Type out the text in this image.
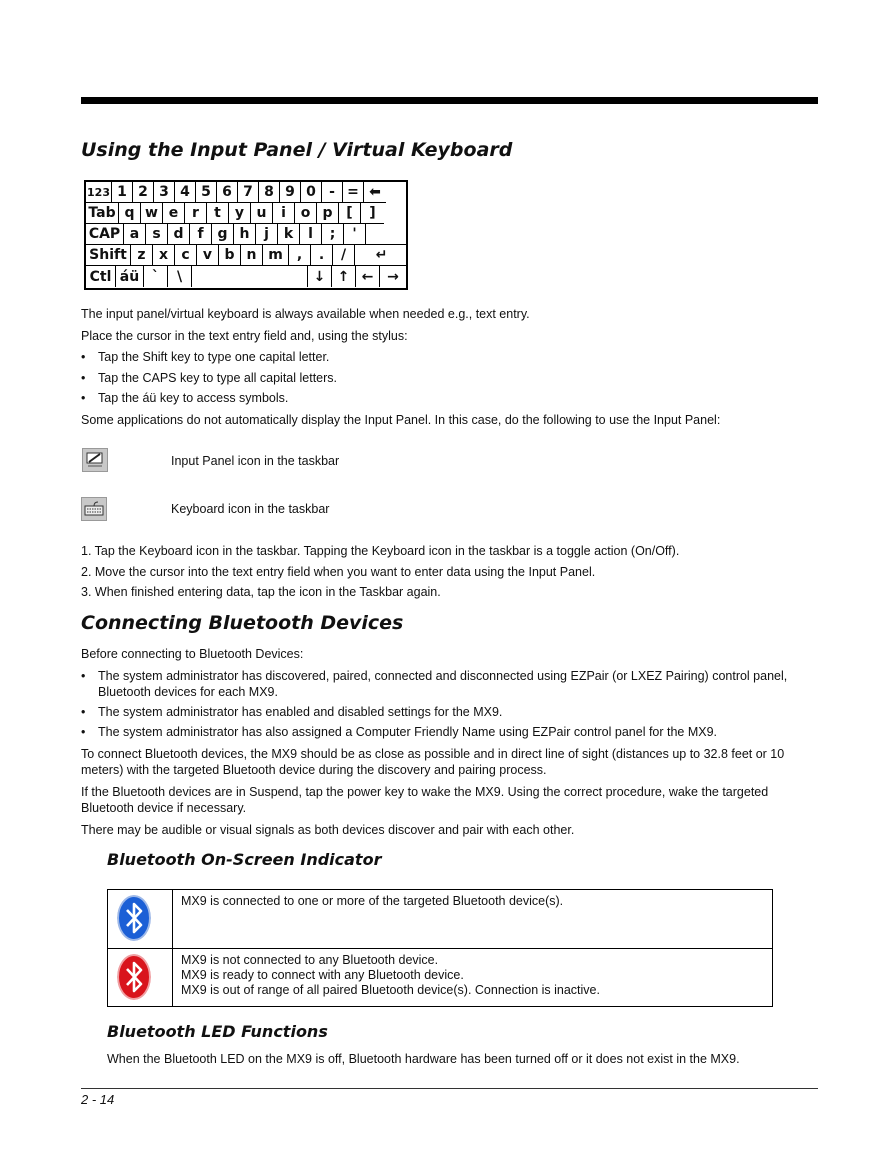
Using the Input Panel / Virtual Keyboard
123 1 2 3 4 5 6 7 8 9 0 - = ⬅
Tab q w e r	t	y u	i	o p [	]
CAP a s d f g h	j	k	l	;	'
Shift z x c v b n m	,	.	/	↵
Ctl áü `	\	↓ ↑ ← →
The input panel/virtual keyboard is always available when needed e.g., text entry.
Place the cursor in the text entry field and, using the stylus:
• Tap the Shift key to type one capital letter.
• Tap the CAPS key to type all capital letters.
• Tap the áü key to access symbols.
Some applications do not automatically display the Input Panel. In this case, do the following to use the Input Panel:
Input Panel icon in the taskbar
Keyboard icon in the taskbar
1. Tap the Keyboard icon in the taskbar. Tapping the Keyboard icon in the taskbar is a toggle action (On/Off).
2. Move the cursor into the text entry field when you want to enter data using the Input Panel.
3. When finished entering data, tap the icon in the Taskbar again.
Connecting Bluetooth Devices
Before connecting to Bluetooth Devices:
• The system administrator has discovered, paired, connected and disconnected using EZPair (or LXEZ Pairing) control panel, Bluetooth devices for each MX9.
• The system administrator has enabled and disabled settings for the MX9.
• The system administrator has also assigned a Computer Friendly Name using EZPair control panel for the MX9.
To connect Bluetooth devices, the MX9 should be as close as possible and in direct line of sight (distances up to 32.8 feet or 10 meters) with the targeted Bluetooth device during the discovery and pairing process.
If the Bluetooth devices are in Suspend, tap the power key to wake the MX9. Using the correct procedure, wake the targeted Bluetooth device if necessary.
There may be audible or visual signals as both devices discover and pair with each other.
Bluetooth On-Screen Indicator
MX9 is connected to one or more of the targeted Bluetooth device(s).
MX9 is not connected to any Bluetooth device.
MX9 is ready to connect with any Bluetooth device.
MX9 is out of range of all paired Bluetooth device(s). Connection is inactive.
Bluetooth LED Functions
When the Bluetooth LED on the MX9 is off, Bluetooth hardware has been turned off or it does not exist in the MX9.
2 - 14
